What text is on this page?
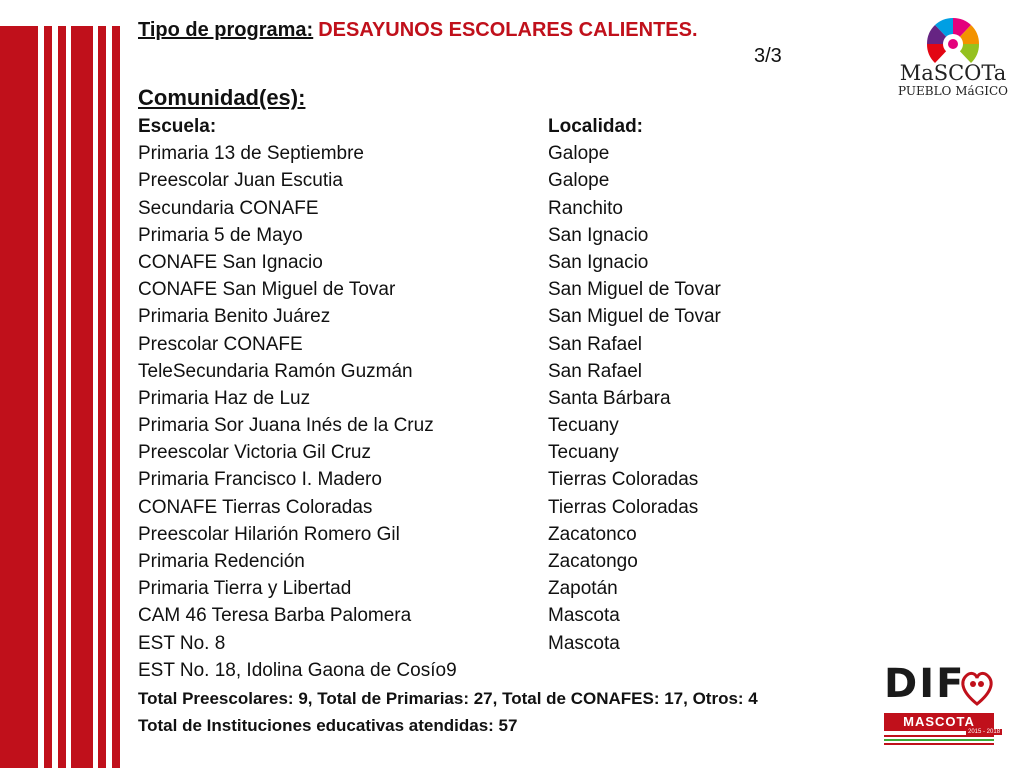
Tipo de programa: DESAYUNOS ESCOLARES CALIENTES.
3/3
Comunidad(es):
Escuela:	Localidad:
Primaria 13 de Septiembre	Galope
Preescolar Juan Escutia	Galope
Secundaria CONAFE	Ranchito
Primaria 5 de Mayo	San Ignacio
CONAFE San Ignacio	San Ignacio
CONAFE San Miguel de Tovar	San Miguel de Tovar
Primaria Benito Juárez	San Miguel de Tovar
Prescolar CONAFE	San Rafael
TeleSecundaria Ramón Guzmán	San Rafael
Primaria Haz de Luz	Santa Bárbara
Primaria Sor Juana Inés de la Cruz	Tecuany
Preescolar Victoria Gil Cruz	Tecuany
Primaria Francisco I. Madero	Tierras Coloradas
CONAFE Tierras Coloradas	Tierras Coloradas
Preescolar Hilarión Romero Gil	Zacatonco
Primaria Redención	Zacatongo
Primaria Tierra y Libertad	Zapotán
CAM 46 Teresa Barba Palomera	Mascota
EST No. 8	Mascota
EST No. 18, Idolina Gaona de Cosío9
Total Preescolares: 9, Total de Primarias: 27, Total de CONAFES: 17, Otros: 4
Total de Instituciones educativas atendidas: 57
MaSCOTa
PUEBLO MáGICO
DIF
MASCOTA
2015 - 2018
